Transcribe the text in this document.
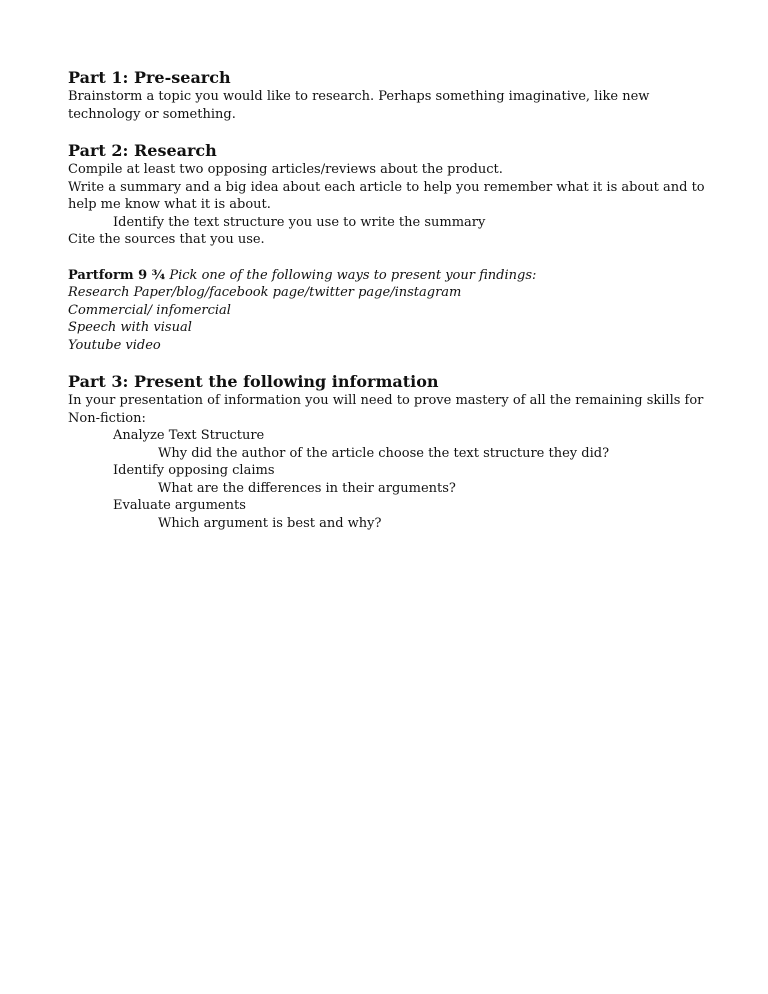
Part 1: Pre-search

Brainstorm a topic you would like to research. Perhaps something imaginative, like new technology or something.

Part 2: Research

Compile at least two opposing articles/reviews about the product.

Write a summary and a big idea about each article to help you remember what it is about and to help me know what it is about.

Identify the text structure you use to write the summary

Cite the sources that you use.

Partform 9 ¾ Pick one of the following ways to present your findings:

Research Paper/blog/facebook page/twitter page/instagram

Commercial/ infomercial

Speech with visual

Youtube video

Part 3: Present the following information

In your presentation of information you will need to prove mastery of all the remaining skills for Non-fiction:

Analyze Text Structure

Why did the author of the article choose the text structure they did?

Identify opposing claims

What are the differences in their arguments?

Evaluate arguments

Which argument is best and why?
